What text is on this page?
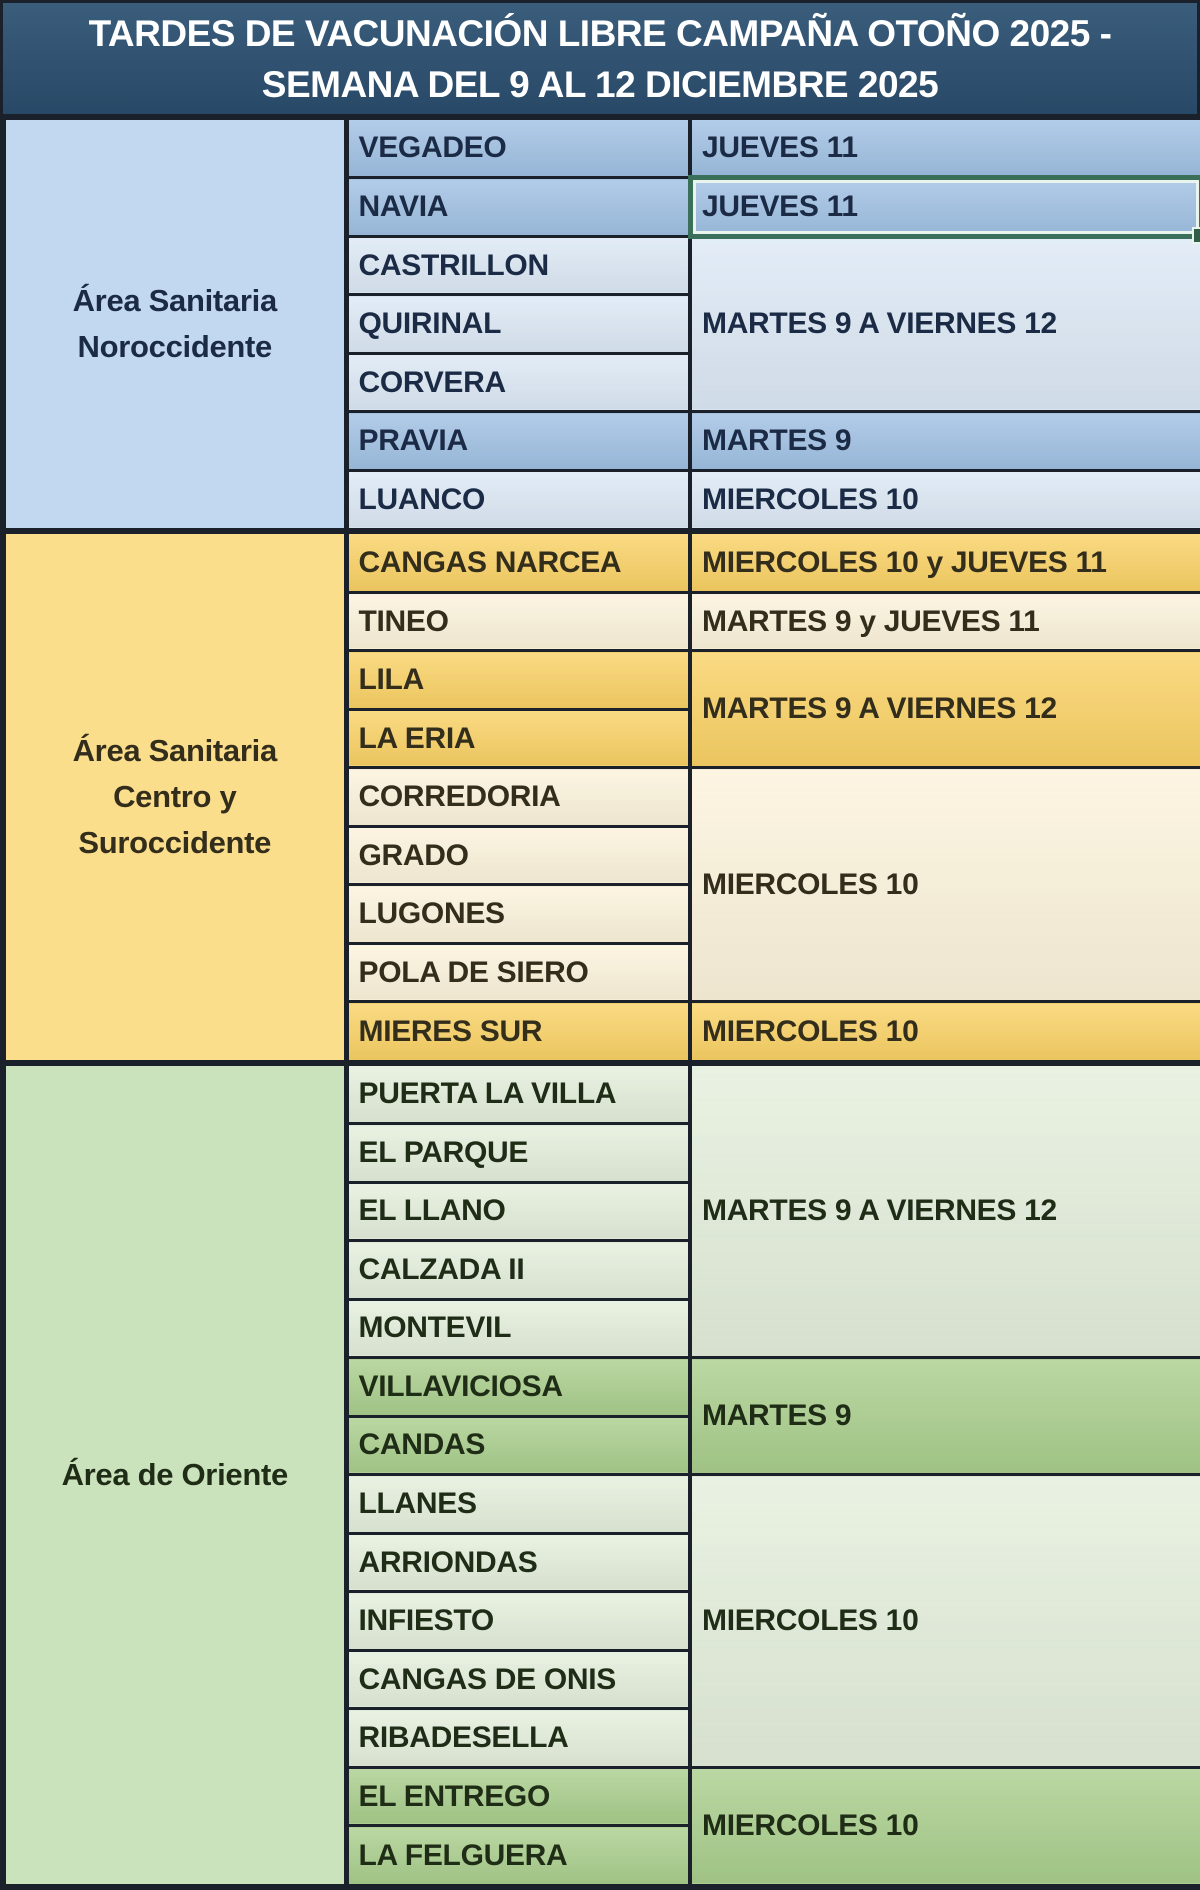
TARDES DE VACUNACIÓN LIBRE CAMPAÑA OTOÑO 2025 -
SEMANA DEL 9 AL 12 DICIEMBRE 2025
Área Sanitaria
Noroccidente	VEGADEO	JUEVES 11
	NAVIA	JUEVES 11

	CASTRILLON	MARTES 9 A VIERNES 12
	QUIRINAL	
	CORVERA	
	PRAVIA	MARTES 9
	LUANCO	MIERCOLES 10

Área Sanitaria
Centro y
Suroccidente	CANGAS NARCEA	MIERCOLES 10 y JUEVES 11
	TINEO	MARTES 9 y JUEVES 11
	LILA	MARTES 9 A VIERNES 12
	LA ERIA	
	CORREDORIA	MIERCOLES 10
	GRADO	
	LUGONES	
	POLA DE SIERO	
	MIERES SUR	MIERCOLES 10

Área de Oriente	PUERTA LA VILLA	MARTES 9 A VIERNES 12
	EL PARQUE	
	EL LLANO	
	CALZADA II	
	MONTEVIL	
	VILLAVICIOSA	MARTES 9
	CANDAS	
	LLANES	MIERCOLES 10
	ARRIONDAS	
	INFIESTO	
	CANGAS DE ONIS	
	RIBADESELLA	
	EL ENTREGO	MIERCOLES 10
	LA FELGUERA	
